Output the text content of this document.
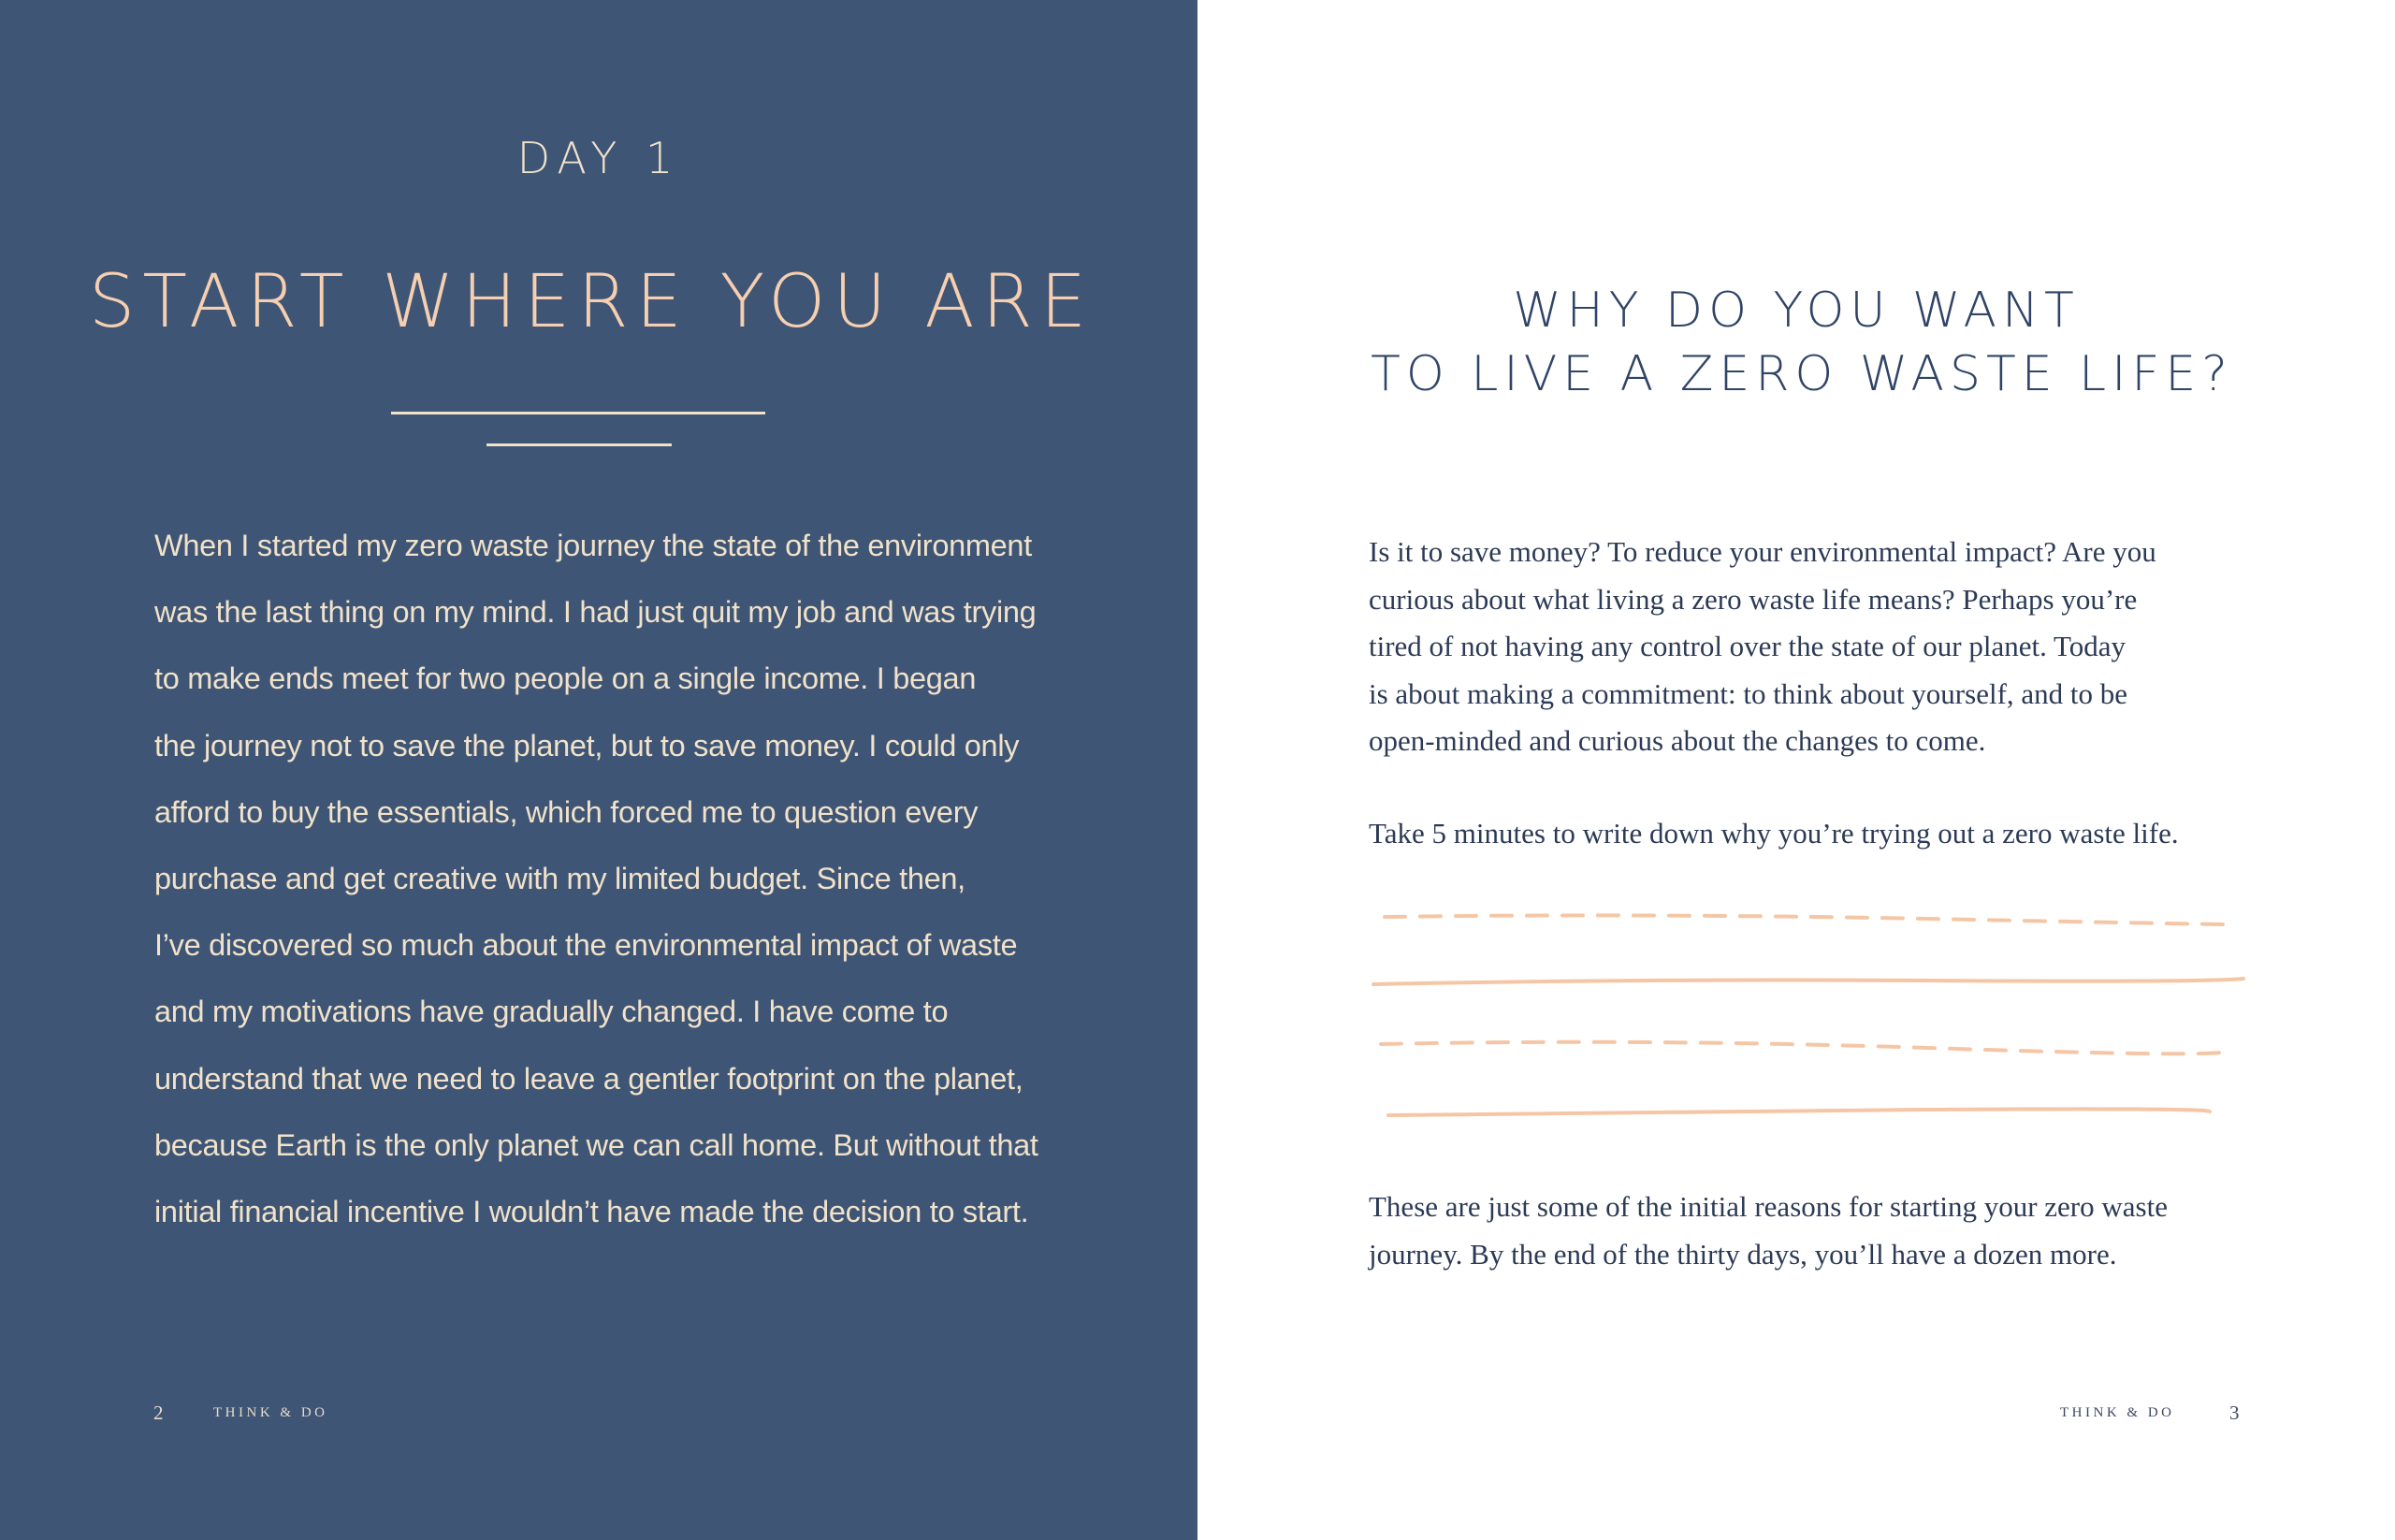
DAY 1
START WHERE YOU ARE

When I started my zero waste journey the state of the environment
was the last thing on my mind. I had just quit my job and was trying
to make ends meet for two people on a single income. I began
the journey not to save the planet, but to save money. I could only
afford to buy the essentials, which forced me to question every
purchase and get creative with my limited budget. Since then,
I’ve discovered so much about the environmental impact of waste
and my motivations have gradually changed. I have come to
understand that we need to leave a gentler footprint on the planet,
because Earth is the only planet we can call home. But without that
initial financial incentive I wouldn’t have made the decision to start.

2	THINK & DO
WHY DO YOU WANT
TO LIVE A ZERO WASTE LIFE?

Is it to save money? To reduce your environmental impact? Are you
curious about what living a zero waste life means? Perhaps you’re
tired of not having any control over the state of our planet. Today
is about making a commitment: to think about yourself, and to be
open-minded and curious about the changes to come.

Take 5 minutes to write down why you’re trying out a zero waste life.

These are just some of the initial reasons for starting your zero waste
journey. By the end of the thirty days, you’ll have a dozen more.

THINK & DO	3
